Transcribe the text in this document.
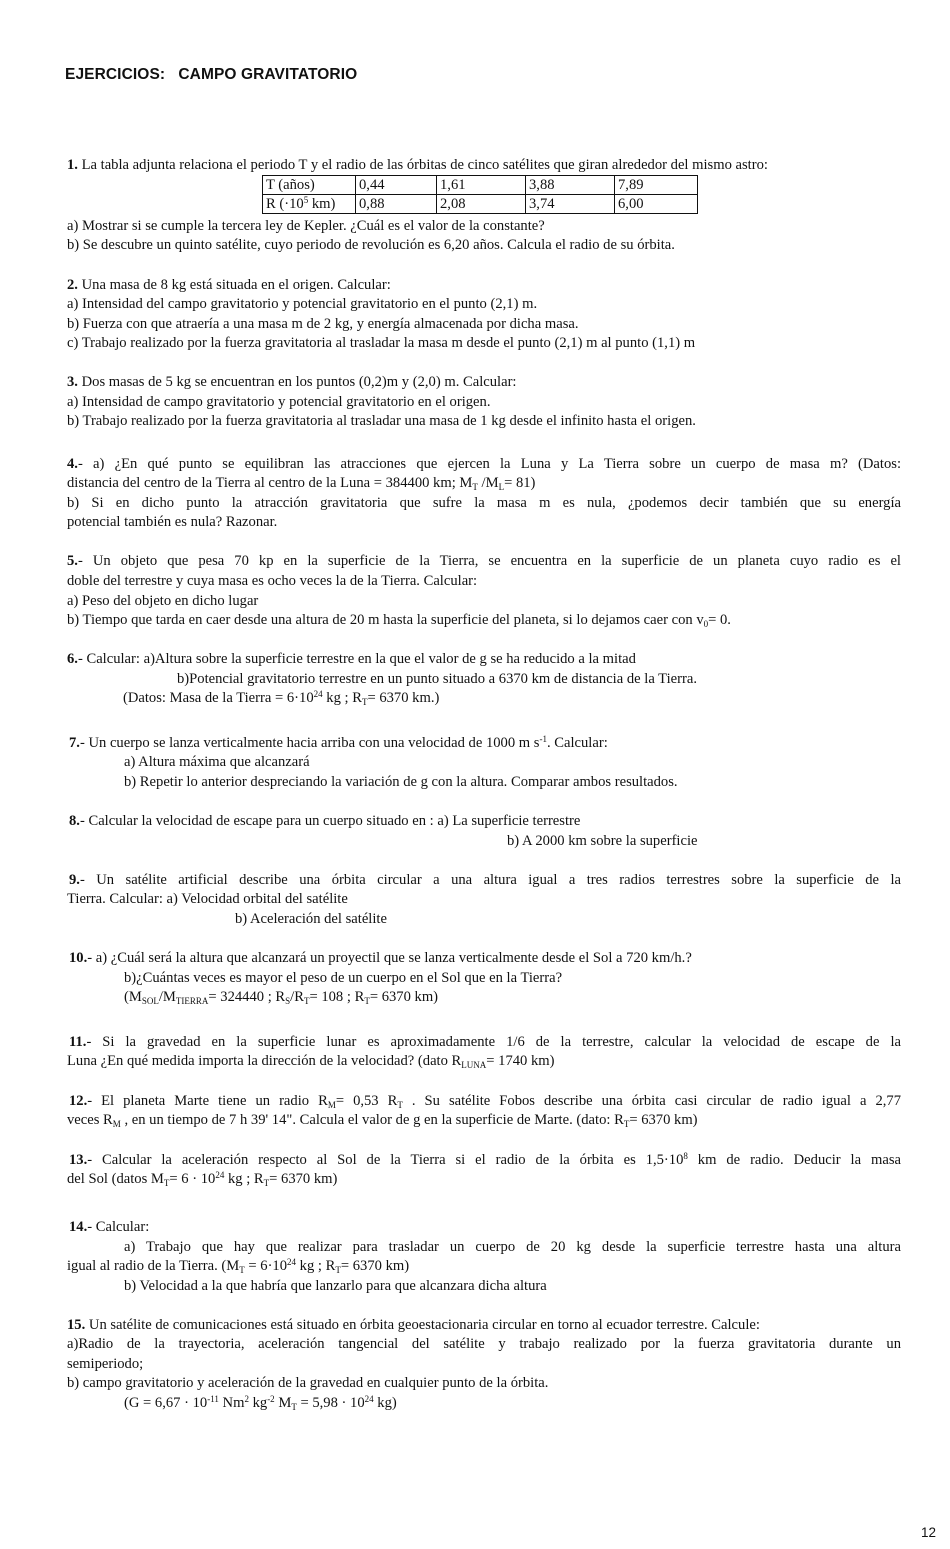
EJERCICIOS:   CAMPO GRAVITATORIO
1. La tabla adjunta relaciona el periodo T y el radio de las órbitas de cinco satélites que giran alrededor del mismo astro:
T (años)	0,44	1,61	3,88	7,89
R ($\cdot 10^5$ km)	0,88	2,08	3,74	6,00
a) Mostrar si se cumple la tercera ley de Kepler. ¿Cuál es el valor de la constante?
b) Se descubre un quinto satélite, cuyo periodo de revolución es 6,20 años. Calcula el radio de su órbita.
2. Una masa de 8 kg está situada en el origen. Calcular:
a) Intensidad del campo gravitatorio y potencial gravitatorio en el punto (2,1) m.
b) Fuerza con que atraería a una masa m de 2 kg, y energía almacenada por dicha masa.
c) Trabajo realizado por la fuerza gravitatoria al trasladar la masa m desde el punto (2,1) m al punto (1,1) m
3. Dos masas de 5 kg se encuentran en los puntos (0,2)m y (2,0) m. Calcular:
a) Intensidad de campo gravitatorio y potencial gravitatorio en el origen.
b) Trabajo realizado por la fuerza gravitatoria al trasladar una masa de 1 kg desde el infinito hasta el origen.
4.- a) ¿En qué punto se equilibran las atracciones que ejercen la Luna y La Tierra sobre un cuerpo de masa m? (Datos:
distancia del centro de la Tierra al centro de la Luna = 384400 km; $M_T$ $/M_L= 81$)
b) Si en dicho punto la atracción gravitatoria que sufre la masa m es nula, ¿podemos decir también que su energía
potencial también es nula? Razonar.
5.- Un objeto que pesa 70 kp en la superficie de la Tierra, se encuentra en la superficie de un planeta cuyo radio es el
doble del terrestre y cuya masa es ocho veces la de la Tierra. Calcular:
a) Peso del objeto en dicho lugar
b) Tiempo que tarda en caer desde una altura de 20 m hasta la superficie del planeta, si lo dejamos caer con $v_0= 0$.
6.- Calcular: a)Altura sobre la superficie terrestre en la que el valor de g se ha reducido a la mitad
b)Potencial gravitatorio terrestre en un punto situado a 6370 km de distancia de la Tierra.
(Datos: Masa de la Tierra = $6\cdot 10^{24}$ kg ; $R_T= 6370$ km.)
7.- Un cuerpo se lanza verticalmente hacia arriba con una velocidad de 1000 m $s^{-1}$. Calcular:
a) Altura máxima que alcanzará
b) Repetir lo anterior despreciando la variación de g con la altura. Comparar ambos resultados.
8.- Calcular la velocidad de escape para un cuerpo situado en : a) La superficie terrestre
b) A 2000 km sobre la superficie
9.- Un satélite artificial describe una órbita circular a una altura igual a tres radios terrestres sobre la superficie de la
Tierra. Calcular: a) Velocidad orbital del satélite
b) Aceleración del satélite
10.- a) ¿Cuál será la altura que alcanzará un proyectil que se lanza verticalmente desde el Sol a 720 km/h.?
b)¿Cuántas veces es mayor el peso de un cuerpo en el Sol que en la Tierra?
($M_{SOL}/M_{TIERRA}= 324440$ ; $R_S/R_T= 108$ ; $R_T= 6370$ km)
11.- Si la gravedad en la superficie lunar es aproximadamente 1/6 de la terrestre, calcular la velocidad de escape de la
Luna ¿En qué medida importa la dirección de la velocidad? (dato $R_{LUNA}= 1740$ km)
12.- El planeta Marte tiene un radio $R_M= 0,53$ $R_T$ . Su satélite Fobos describe una órbita casi circular de radio igual a 2,77
veces $R_M$ , en un tiempo de 7 h 39' 14". Calcula el valor de g en la superficie de Marte. (dato: $R_T= 6370$ km)
13.- Calcular la aceleración respecto al Sol de la Tierra si el radio de la órbita es $1,5\cdot 10^8$ km de radio. Deducir la masa
del Sol (datos $M_T= 6 \cdot 10^{24}$ kg ; $R_T= 6370$ km)
14.- Calcular:
a) Trabajo que hay que realizar para trasladar un cuerpo de 20 kg desde la superficie terrestre hasta una altura
igual al radio de la Tierra. ($M_T = 6\cdot 10^{24}$ kg ; $R_T= 6370$ km)
b) Velocidad a la que habría que lanzarlo para que alcanzara dicha altura
15. Un satélite de comunicaciones está situado en órbita geoestacionaria circular en torno al ecuador terrestre. Calcule:
a)Radio de la trayectoria, aceleración tangencial del satélite y trabajo realizado por la fuerza gravitatoria durante un
semiperiodo;
b) campo gravitatorio y aceleración de la gravedad en cualquier punto de la órbita.
($G = 6,67 \cdot 10^{-11}$ Nm$^2$ $kg^{-2}$ $M_T = 5,98 \cdot 10^{24}$ kg)
12
